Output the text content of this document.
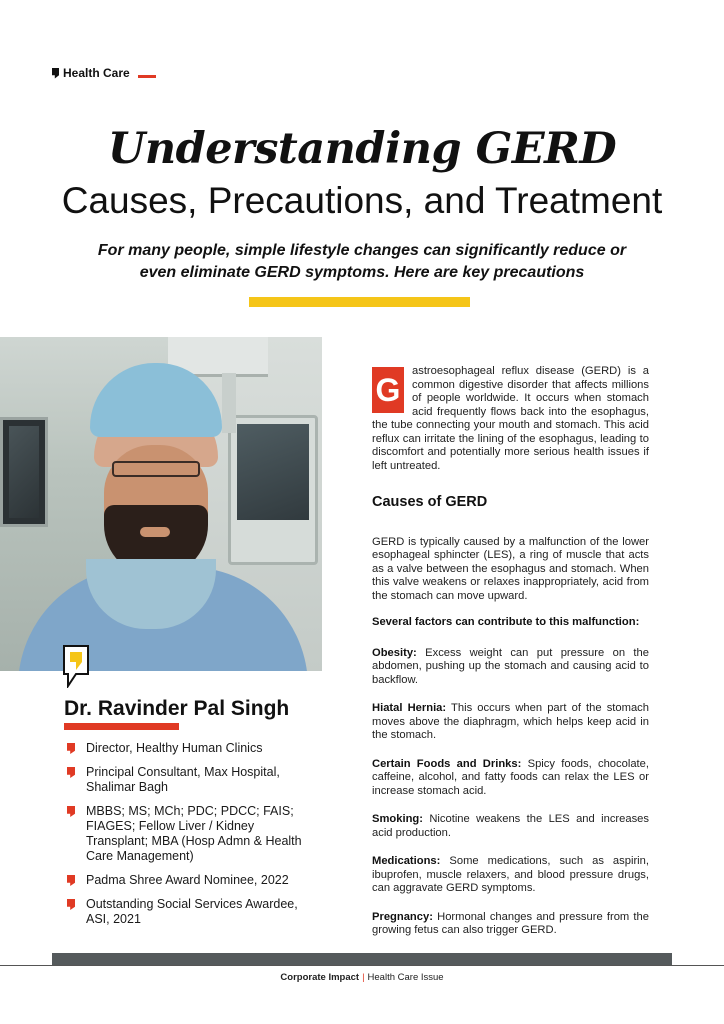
Health Care
Understanding GERD
Causes, Precautions, and Treatment
For many people, simple lifestyle changes can significantly reduce or even eliminate GERD symptoms. Here are key precautions
Dr. Ravinder Pal Singh
Director, Healthy Human Clinics
Principal Consultant, Max Hospital, Shalimar Bagh
MBBS; MS; MCh; PDC; PDCC; FAIS; FIAGES; Fellow Liver / Kidney Transplant; MBA (Hosp Admn & Health Care Management)
Padma Shree Award Nominee, 2022
Outstanding Social Services Awardee, ASI, 2021

G
astroesophageal reflux disease (GERD) is a common digestive disorder that affects millions of people worldwide. It occurs when stomach acid frequently flows back into the esophagus, the tube connecting your mouth and stomach. This acid reflux can irritate the lining of the esophagus, leading to discomfort and potentially more serious health issues if left untreated.

Causes of GERD

GERD is typically caused by a malfunction of the lower esophageal sphincter (LES), a ring of muscle that acts as a valve between the esophagus and stomach. When this valve weakens or relaxes inappropriately, acid from the stomach can move upward.

Several factors can contribute to this malfunction:

Obesity: Excess weight can put pressure on the abdomen, pushing up the stomach and causing acid to backflow.

Hiatal Hernia: This occurs when part of the stomach moves above the diaphragm, which helps keep acid in the stomach.

Certain Foods and Drinks: Spicy foods, chocolate, caffeine, alcohol, and fatty foods can relax the LES or increase stomach acid.

Smoking: Nicotine weakens the LES and increases acid production.

Medications: Some medications, such as aspirin, ibuprofen, muscle relaxers, and blood pressure drugs, can aggravate GERD symptoms.

Pregnancy: Hormonal changes and pressure from the growing fetus can also trigger GERD.

Corporate Impact | Health Care Issue
